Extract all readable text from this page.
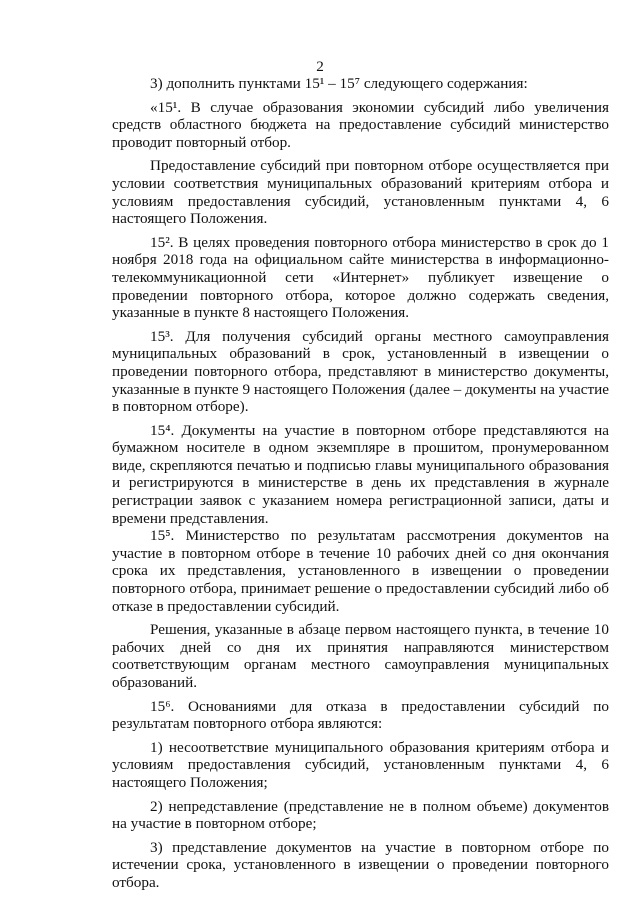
2

3) дополнить пунктами 15¹ – 15⁷ следующего содержания:

«15¹. В случае образования экономии субсидий либо увеличения средств областного бюджета на предоставление субсидий министерство проводит повторный отбор.

Предоставление субсидий при повторном отборе осуществляется при условии соответствия муниципальных образований критериям отбора и условиям предоставления субсидий, установленным пунктами 4, 6 настоящего Положения.

15². В целях проведения повторного отбора министерство в срок до 1 ноября 2018 года на официальном сайте министерства в информационно-телекоммуникационной сети «Интернет» публикует извещение о проведении повторного отбора, которое должно содержать сведения, указанные в пункте 8 настоящего Положения.

15³. Для получения субсидий органы местного самоуправления муниципальных образований в срок, установленный в извещении о проведении повторного отбора, представляют в министерство документы, указанные в пункте 9 настоящего Положения (далее – документы на участие в повторном отборе).

15⁴. Документы на участие в повторном отборе представляются на бумажном носителе в одном экземпляре в прошитом, пронумерованном виде, скрепляются печатью и подписью главы муниципального образования и регистрируются в министерстве в день их представления в журнале регистрации заявок с указанием номера регистрационной записи, даты и времени представления.

15⁵. Министерство по результатам рассмотрения документов на участие в повторном отборе в течение 10 рабочих дней со дня окончания срока их представления, установленного в извещении о проведении повторного отбора, принимает решение о предоставлении субсидий либо об отказе в предоставлении субсидий.

Решения, указанные в абзаце первом настоящего пункта, в течение 10 рабочих дней со дня их принятия направляются министерством соответствующим органам местного самоуправления муниципальных образований.

15⁶. Основаниями для отказа в предоставлении субсидий по результатам повторного отбора являются:

1) несоответствие муниципального образования критериям отбора и условиям предоставления субсидий, установленным пунктами 4, 6 настоящего Положения;

2) непредставление (представление не в полном объеме) документов на участие в повторном отборе;

3) представление документов на участие в повторном отборе по истечении срока, установленного в извещении о проведении повторного отбора.
